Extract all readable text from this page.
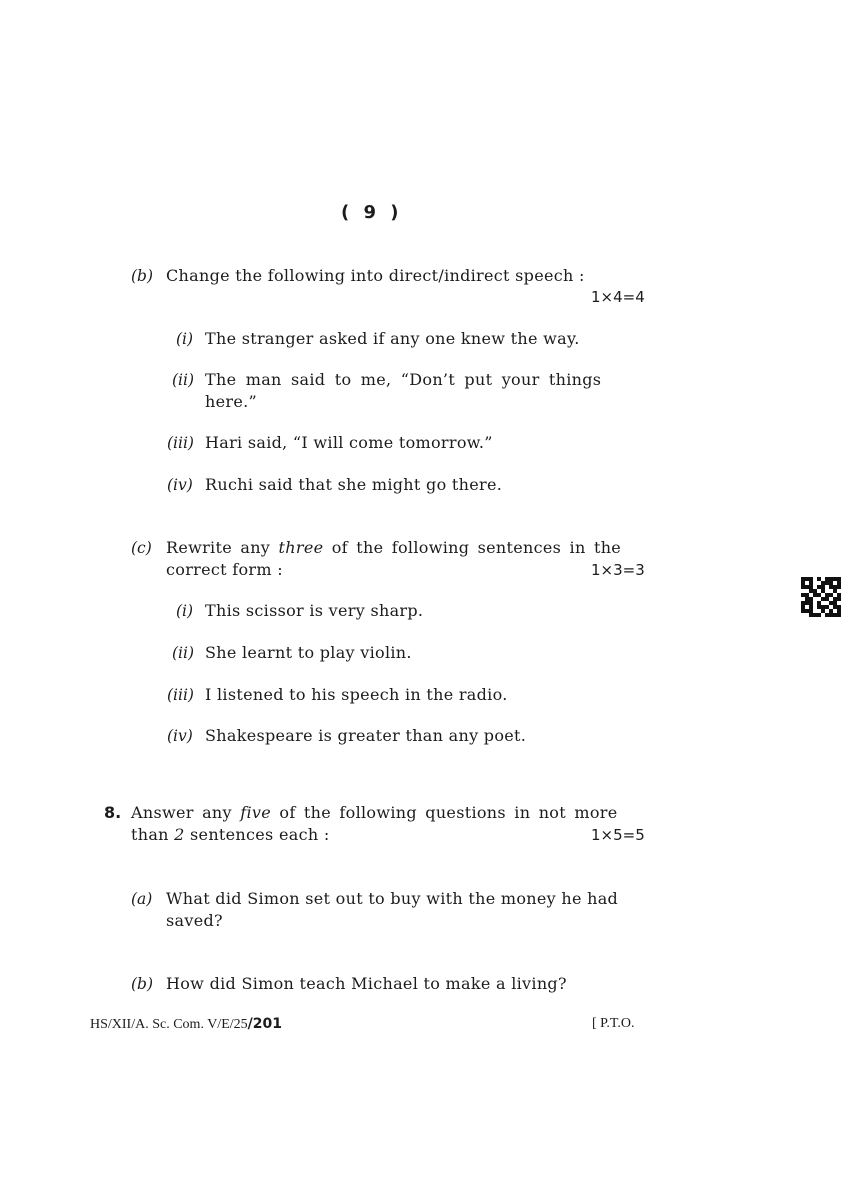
( 9 )
(b) Change the following into direct/indirect speech :
1×4=4
(i) The stranger asked if any one knew the way.
(ii) The man said to me, “Don’t put your things
here.”
(iii) Hari said, “I will come tomorrow.”
(iv) Ruchi said that she might go there.
(c) Rewrite any three of the following sentences in the
correct form :	1×3=3
(i) This scissor is very sharp.
(ii) She learnt to play violin.
(iii) I listened to his speech in the radio.
(iv) Shakespeare is greater than any poet.
8. Answer any five of the following questions in not more
than 2 sentences each :	1×5=5
(a) What did Simon set out to buy with the money he had
saved?
(b) How did Simon teach Michael to make a living?
HS/XII/A. Sc. Com. V/E/25/201	[ P.T.O.
